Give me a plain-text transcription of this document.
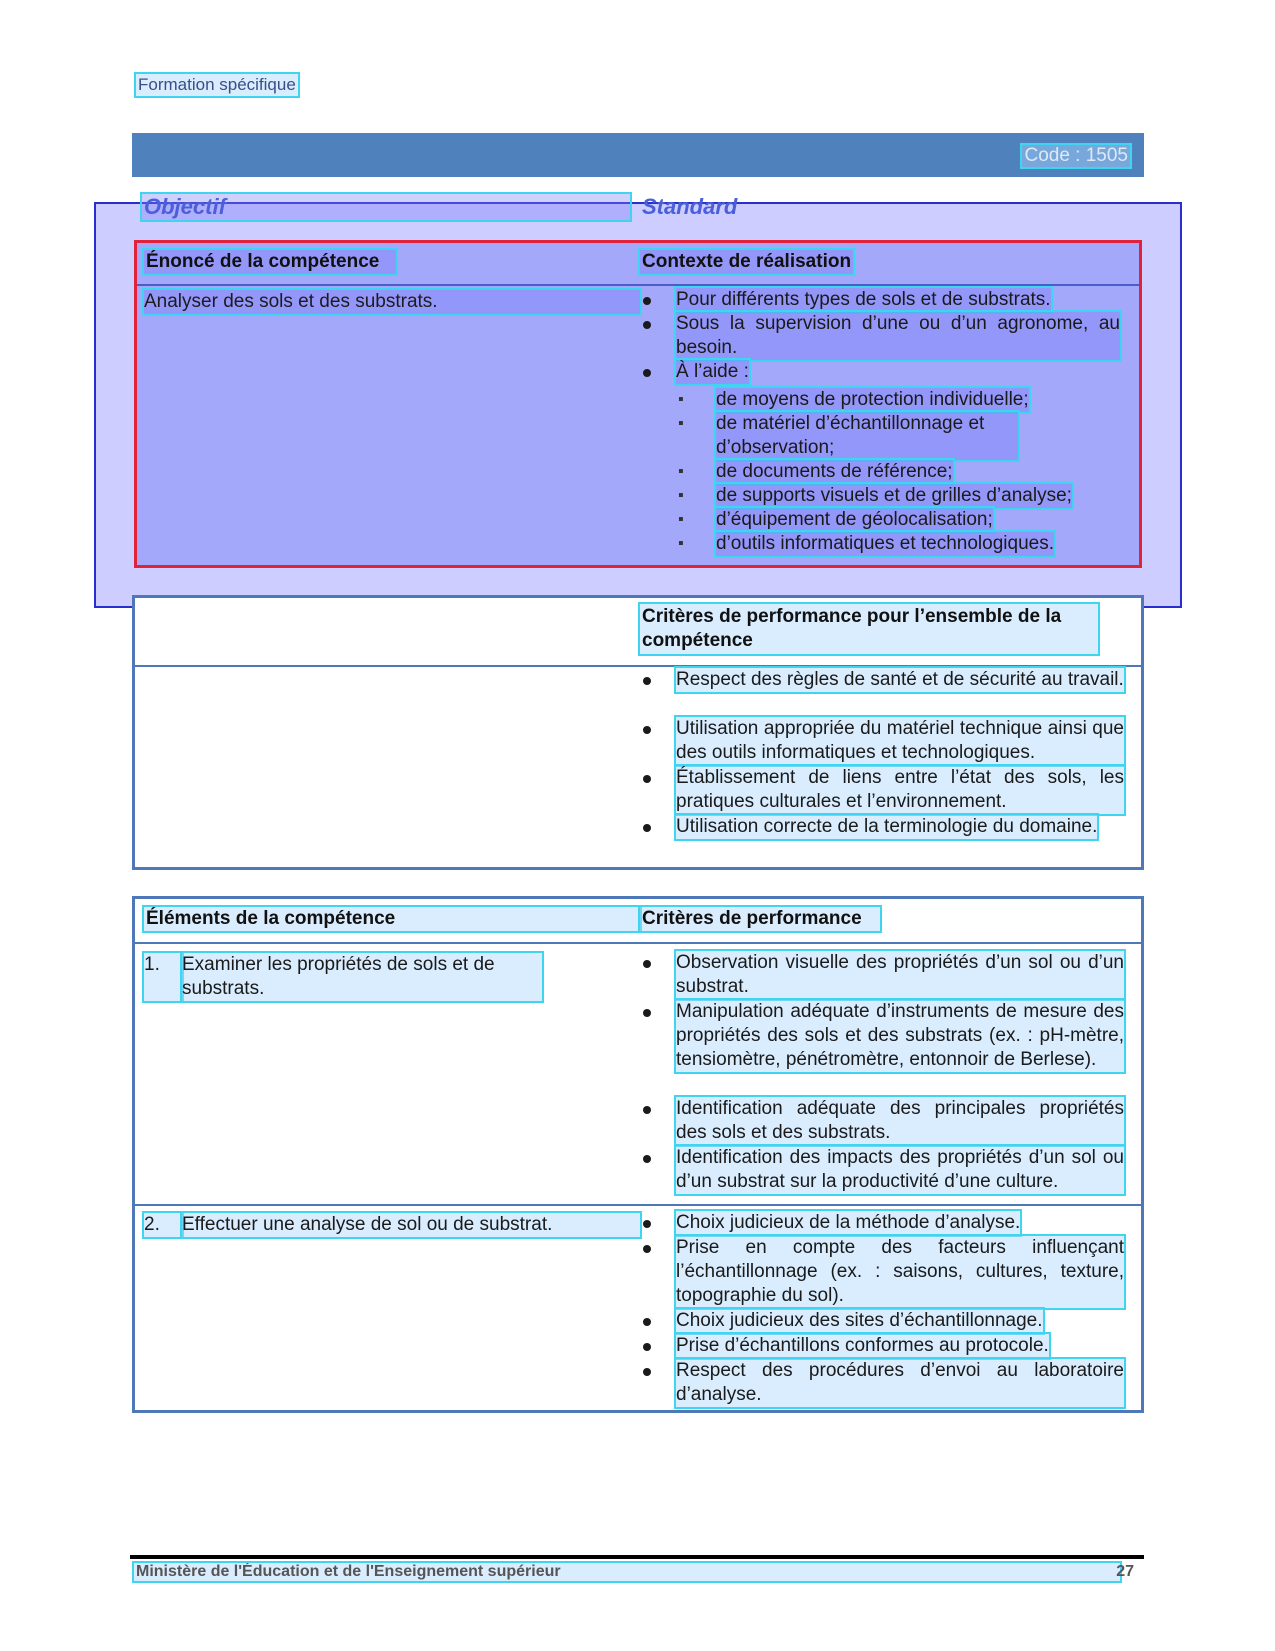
Formation spécifique
Code : 1505
Objectif	Standard
Énoncé de la compétence	Contexte de réalisation
Analyser des sols et des substrats.	Pour différents types de sols et de substrats.
Sous la supervision d’une ou d’un agronome, au besoin.
À l’aide :
▪	de moyens de protection individuelle;
▪	de matériel d’échantillonnage et d’observation;
▪	de documents de référence;
▪	de supports visuels et de grilles d’analyse;
▪	d’équipement de géolocalisation;
▪	d’outils informatiques et technologiques.
Critères de performance pour l’ensemble de la compétence
Respect des règles de santé et de sécurité au travail.
Utilisation appropriée du matériel technique ainsi que des outils informatiques et technologiques.
Établissement de liens entre l’état des sols, les pratiques culturales et l’environnement.
Utilisation correcte de la terminologie du domaine.
Éléments de la compétence	Critères de performance
1.	Examiner les propriétés de sols et de substrats.
Observation visuelle des propriétés d’un sol ou d’un substrat.
Manipulation adéquate d’instruments de mesure des propriétés des sols et des substrats (ex. : pH-mètre, tensiomètre, pénétromètre, entonnoir de Berlese).
Identification adéquate des principales propriétés des sols et des substrats.
Identification des impacts des propriétés d’un sol ou d’un substrat sur la productivité d’une culture.
2.	Effectuer une analyse de sol ou de substrat.	Choix judicieux de la méthode d’analyse.
Prise en compte des facteurs influençant l’échantillonnage (ex. : saisons, cultures, texture, topographie du sol).
Choix judicieux des sites d’échantillonnage.
Prise d’échantillons conformes au protocole.
Respect des procédures d’envoi au laboratoire d’analyse.
Ministère de l'Éducation et de l'Enseignement supérieur	27
